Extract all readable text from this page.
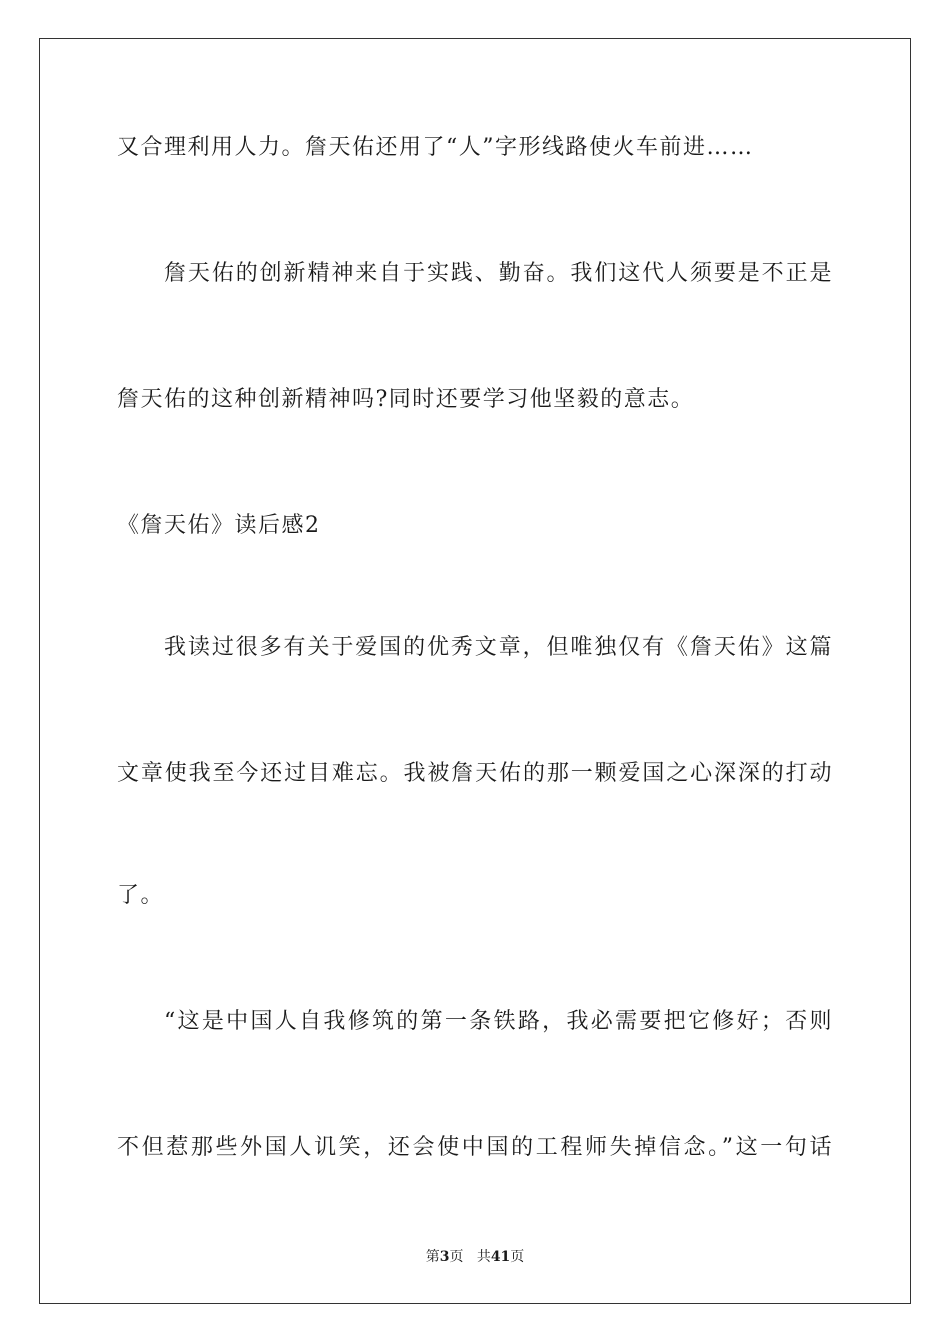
又合理利用人力。詹天佑还用了“人”字形线路使火车前进……
詹天佑的创新精神来自于实践、勤奋。我们这代人须要是不正是
詹天佑的这种创新精神吗?同时还要学习他坚毅的意志。
《詹天佑》读后感2
我读过很多有关于爱国的优秀文章，但唯独仅有《詹天佑》这篇
文章使我至今还过目难忘。我被詹天佑的那一颗爱国之心深深的打动
了。
“这是中国人自我修筑的第一条铁路，我必需要把它修好；否则
不但惹那些外国人讥笑，还会使中国的工程师失掉信念。”这一句话
第3页 共41页
